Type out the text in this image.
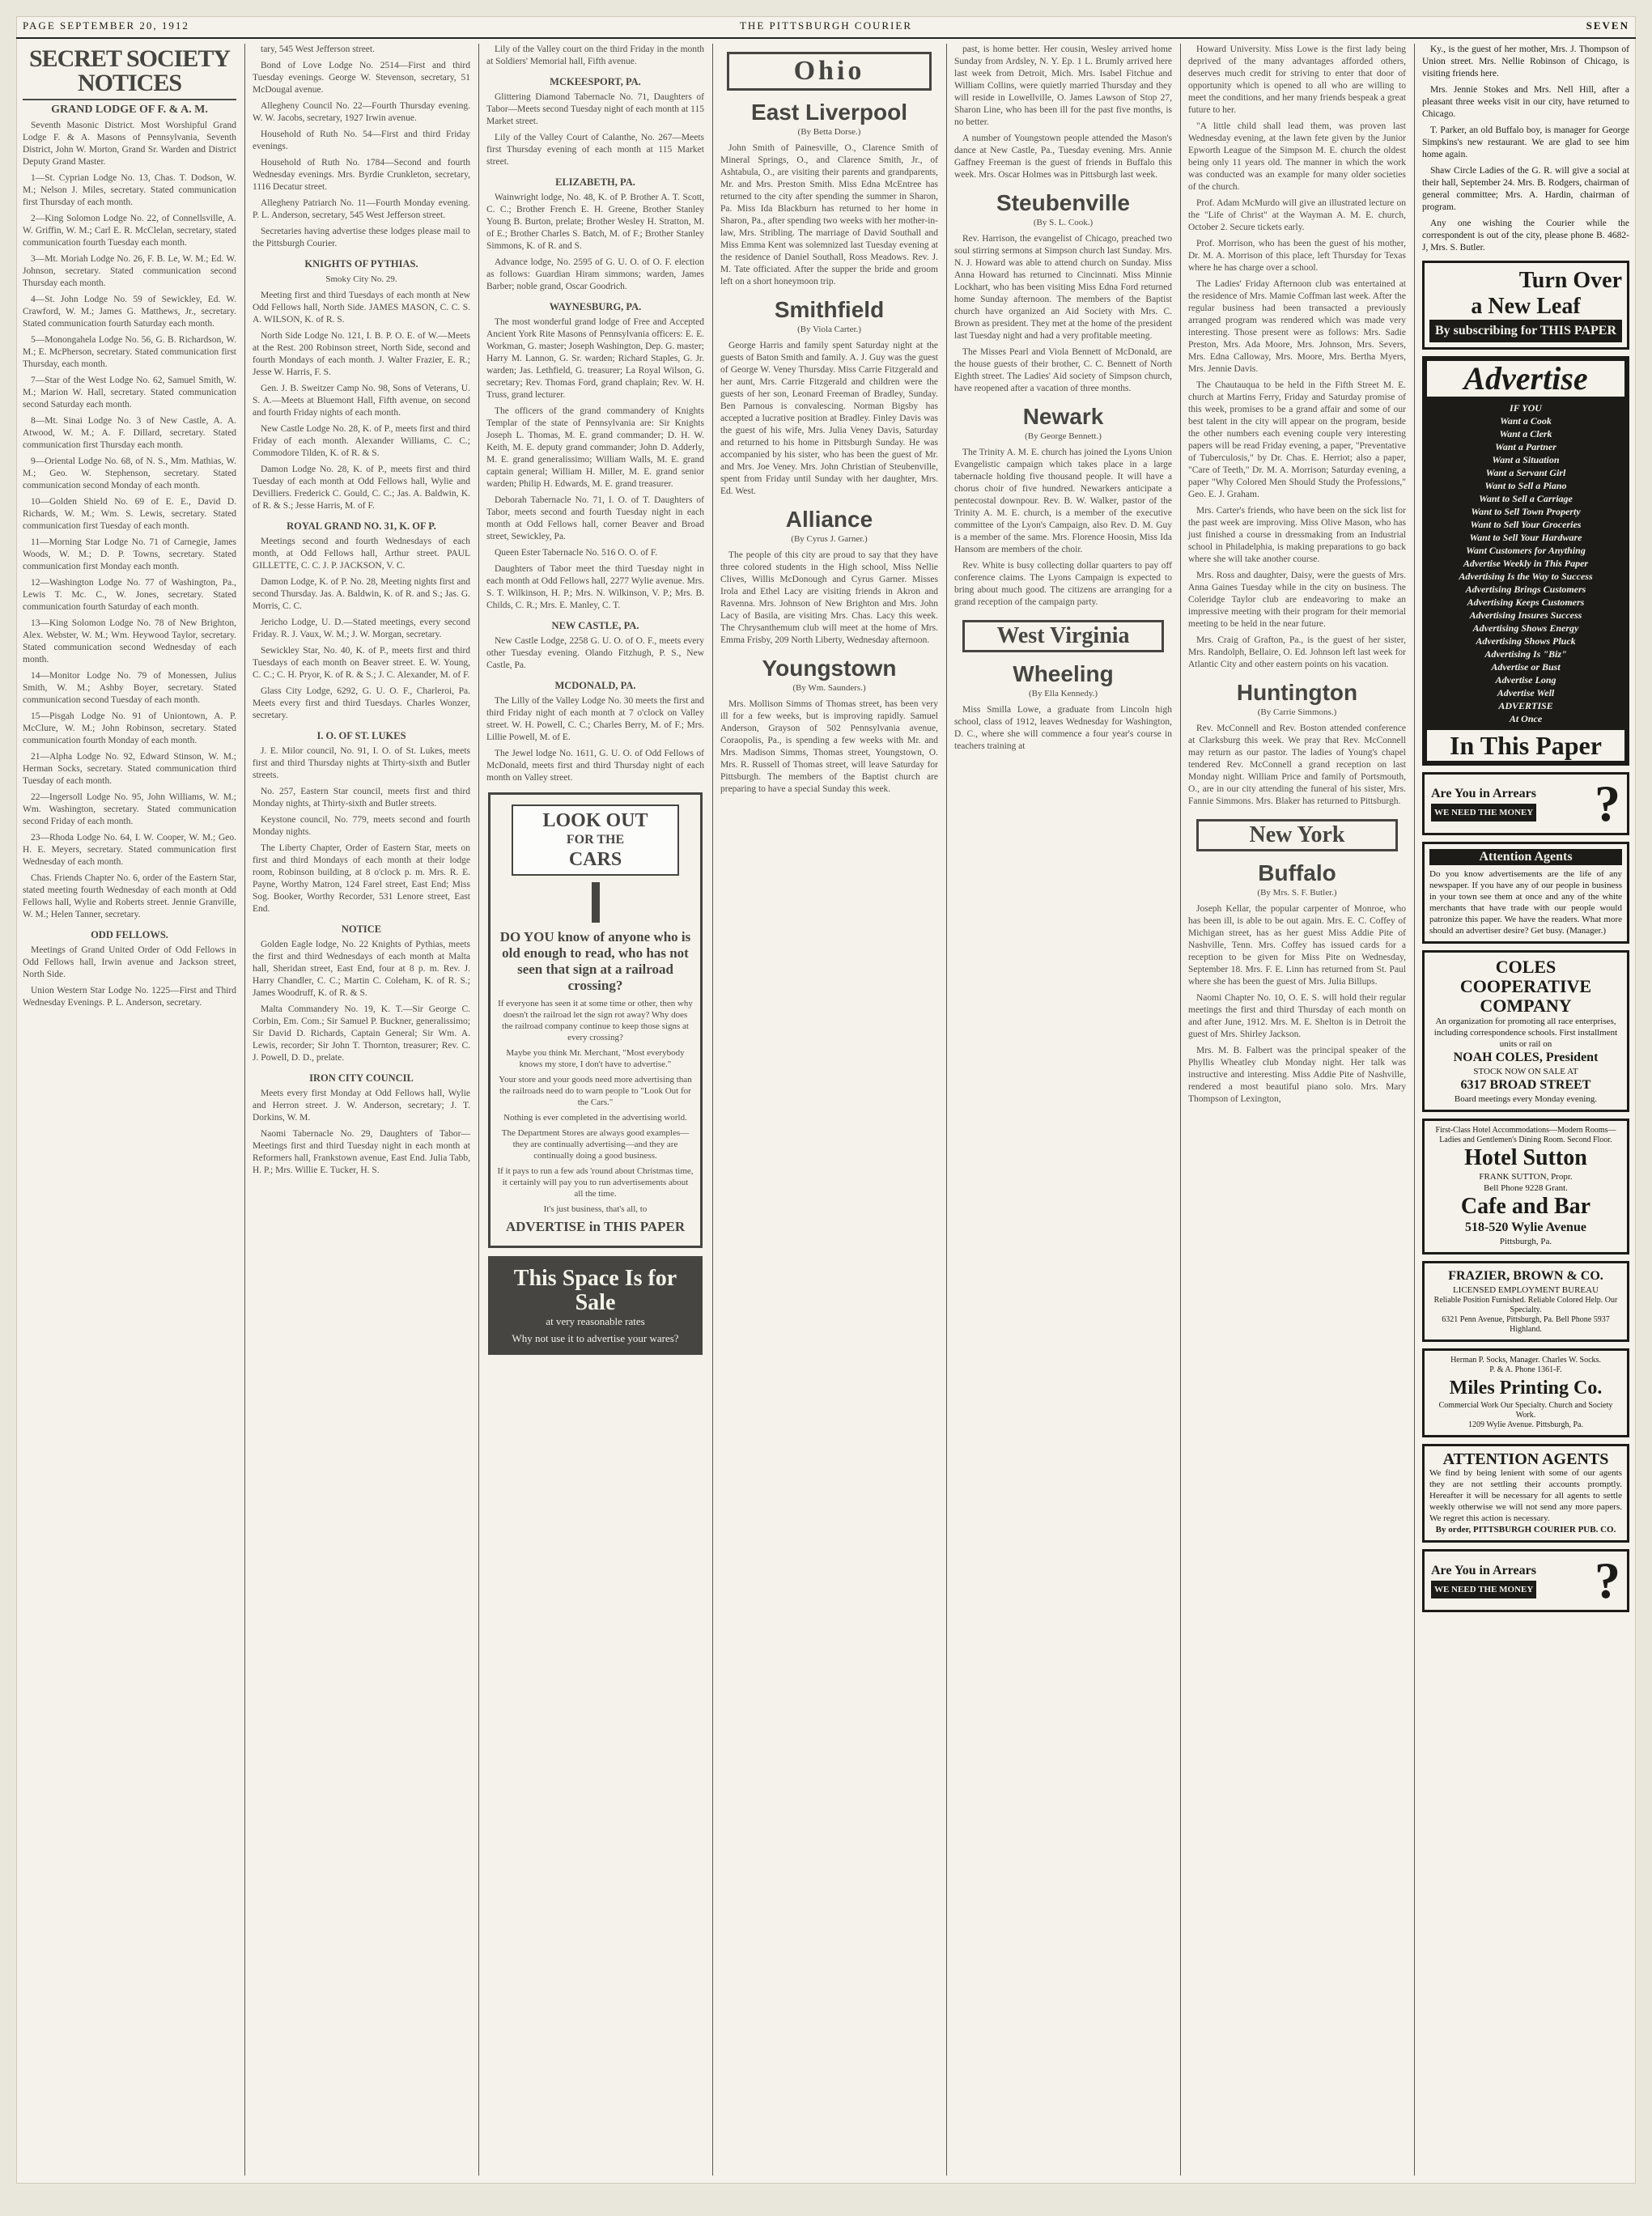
PAGE SEPTEMBER 20, 1912	THE PITTSBURGH COURIER	SEVEN
SECRET SOCIETY NOTICES
GRAND LODGE OF F. & A. M.

Seventh Masonic District. Most Worshipful Grand Lodge F. & A. Masons of Pennsylvania, Seventh District, John W. Morton, Grand Sr. Warden and District Deputy Grand Master.

1—St. Cyprian Lodge No. 13, Chas. T. Dodson, W. M.; Nelson J. Miles, secretary. Stated communication first Thursday of each month.

2—King Solomon Lodge No. 22, of Connellsville, A. W. Griffin, W. M.; Carl E. R. McClelan, secretary, stated communication fourth Tuesday each month.

3—Mt. Moriah Lodge No. 26, F. B. Le, W. M.; Ed. W. Johnson, secretary. Stated communication second Thursday each month.

4—St. John Lodge No. 59 of Sewickley, Ed. W. Crawford, W. M.; James G. Matthews, Jr., secretary. Stated communication fourth Saturday each month.

5—Monongahela Lodge No. 56, G. B. Richardson, W. M.; E. McPherson, secretary. Stated communication first Thursday, each month.

7—Star of the West Lodge No. 62, Samuel Smith, W. M.; Marion W. Hall, secretary. Stated communication second Saturday each month.

8—Mt. Sinai Lodge No. 3 of New Castle, A. A. Atwood, W. M.; A. F. Dillard, secretary. Stated communication first Thursday each month.

9—Oriental Lodge No. 68, of N. S., Mm. Mathias, W. M.; Geo. W. Stephenson, secretary. Stated communication second Monday of each month.

10—Golden Shield No. 69 of E. E., David D. Richards, W. M.; Wm. S. Lewis, secretary. Stated communication first Tuesday of each month.

11—Morning Star Lodge No. 71 of Carnegie, James Woods, W. M.; D. P. Towns, secretary. Stated communication first Monday each month.

12—Washington Lodge No. 77 of Washington, Pa., Lewis T. Mc. C., W. Jones, secretary. Stated communication fourth Saturday of each month.

13—King Solomon Lodge No. 78 of New Brighton, Alex. Webster, W. M.; Wm. Heywood Taylor, secretary. Stated communication second Wednesday of each month.

14—Monitor Lodge No. 79 of Monessen, Julius Smith, W. M.; Ashby Boyer, secretary. Stated communication second Tuesday of each month.

15—Pisgah Lodge No. 91 of Uniontown, A. P. McClure, W. M.; John Robinson, secretary. Stated communication fourth Monday of each month.

21—Alpha Lodge No. 92, Edward Stinson, W. M.; Herman Socks, secretary. Stated communication third Tuesday of each month.

22—Ingersoll Lodge No. 95, John Williams, W. M.; Wm. Washington, secretary. Stated communication second Friday of each month.

23—Rhoda Lodge No. 64, I. W. Cooper, W. M.; Geo. H. E. Meyers, secretary. Stated communication first Wednesday of each month.

Chas. Friends Chapter No. 6, order of the Eastern Star, stated meeting fourth Wednesday of each month at Odd Fellows hall, Wylie and Roberts street. Jennie Granville, W. M.; Helen Tanner, secretary.

ODD FELLOWS.

Meetings of Grand United Order of Odd Fellows in Odd Fellows hall, Irwin avenue and Jackson street, North Side.

Union Western Star Lodge No. 1225—First and Third Wednesday Evenings. P. L. Anderson, secretary.

tary, 545 West Jefferson street.

Bond of Love Lodge No. 2514—First and third Tuesday evenings. George W. Stevenson, secretary, 51 McDougal avenue.

Allegheny Council No. 22—Fourth Thursday evening. W. W. Jacobs, secretary, 1927 Irwin avenue.

Household of Ruth No. 54—First and third Friday evenings.

Household of Ruth No. 1784—Second and fourth Wednesday evenings. Mrs. Byrdie Crunkleton, secretary, 1116 Decatur street.

Allegheny Patriarch No. 11—Fourth Monday evening. P. L. Anderson, secretary, 545 West Jefferson street.

Secretaries having advertise these lodges please mail to the Pittsburgh Courier.

KNIGHTS OF PYTHIAS.
Smoky City No. 29.

Meeting first and third Tuesdays of each month at New Odd Fellows hall, North Side. JAMES MASON, C. C. S. A. WILSON, K. of R. S.

North Side Lodge No. 121, I. B. P. O. E. of W.—Meets at the Rest. 200 Robinson street, North Side, second and fourth Mondays of each month. J. Walter Frazier, E. R.; Jesse W. Harris, F. S.

Gen. J. B. Sweitzer Camp No. 98, Sons of Veterans, U. S. A.—Meets at Bluemont Hall, Fifth avenue, on second and fourth Friday nights of each month.

New Castle Lodge No. 28, K. of P., meets first and third Friday of each month. Alexander Williams, C. C.; Commodore Tilden, K. of R. & S.

Damon Lodge No. 28, K. of P., meets first and third Tuesday of each month at Odd Fellows hall, Wylie and Devilliers. Frederick C. Gould, C. C.; Jas. A. Baldwin, K. of R. & S.; Jesse Harris, M. of F.

ROYAL GRAND NO. 31, K. OF P.

Meetings second and fourth Wednesdays of each month, at Odd Fellows hall, Arthur street. PAUL GILLETTE, C. C. J. P. JACKSON, V. C.

Damon Lodge, K. of P. No. 28, Meeting nights first and second Thursday. Jas. A. Baldwin, K. of R. and S.; Jas. G. Morris, C. C.

Jericho Lodge, U. D.—Stated meetings, every second Friday. R. J. Vaux, W. M.; J. W. Morgan, secretary.

Sewickley Star, No. 40, K. of P., meets first and third Tuesdays of each month on Beaver street. E. W. Young, C. C.; C. H. Pryor, K. of R. & S.; J. C. Alexander, M. of F.

Glass City Lodge, 6292, G. U. O. F., Charleroi, Pa. Meets every first and third Tuesdays. Charles Wonzer, secretary.

I. O. OF ST. LUKES

J. E. Milor council, No. 91, I. O. of St. Lukes, meets first and third Thursday nights at Thirty-sixth and Butler streets.

No. 257, Eastern Star council, meets first and third Monday nights, at Thirty-sixth and Butler streets.

Keystone council, No. 779, meets second and fourth Monday nights.

The Liberty Chapter, Order of Eastern Star, meets on first and third Mondays of each month at their lodge room, Robinson building, at 8 o'clock p. m. Mrs. R. E. Payne, Worthy Matron, 124 Farel street, East End; Miss Sog. Booker, Worthy Recorder, 531 Lenore street, East End.

NOTICE

Golden Eagle lodge, No. 22 Knights of Pythias, meets the first and third Wednesdays of each month at Malta hall, Sheridan street, East End, four at 8 p. m. Rev. J. Harry Chandler, C. C.; Martin C. Coleham, K. of R. S.; James Woodruff, K. of R. & S.

Malta Commandery No. 19, K. T.—Sir George C. Corbin, Em. Com.; Sir Samuel P. Buckner, generalissimo; Sir David D. Richards, Captain General; Sir Wm. A. Lewis, recorder; Sir John T. Thornton, treasurer; Rev. C. J. Powell, D. D., prelate.

IRON CITY COUNCIL

Meets every first Monday at Odd Fellows hall, Wylie and Herron street. J. W. Anderson, secretary; J. T. Dorkins, W. M.

Naomi Tabernacle No. 29, Daughters of Tabor—Meetings first and third Tuesday night in each month at Reformers hall, Frankstown avenue, East End. Julia Tabb, H. P.; Mrs. Willie E. Tucker, H. S.

Lily of the Valley court on the third Friday in the month at Soldiers' Memorial hall, Fifth avenue.

MCKEESPORT, PA.

Glittering Diamond Tabernacle No. 71, Daughters of Tabor—Meets second Tuesday night of each month at 115 Market street.

Lily of the Valley Court of Calanthe, No. 267—Meets first Thursday evening of each month at 115 Market street.

ELIZABETH, PA.

Wainwright lodge, No. 48, K. of P. Brother A. T. Scott, C. C.; Brother French E. H. Greene, Brother Stanley Young B. Burton, prelate; Brother Wesley H. Stratton, M. of E.; Brother Charles S. Batch, M. of F.; Brother Stanley Simmons, K. of R. and S.

Advance lodge, No. 2595 of G. U. O. of O. F. election as follows: Guardian Hiram simmons; warden, James Barber; noble grand, Oscar Goodrich.

WAYNESBURG, PA.

The most wonderful grand lodge of Free and Accepted Ancient York Rite Masons of Pennsylvania officers: E. E. Workman, G. master; Joseph Washington, Dep. G. master; Harry M. Lannon, G. Sr. warden; Richard Staples, G. Jr. warden; Jas. Lethfield, G. treasurer; La Royal Wilson, G. secretary; Rev. Thomas Ford, grand chaplain; Rev. W. H. Truss, grand lecturer.

The officers of the grand commandery of Knights Templar of the state of Pennsylvania are: Sir Knights Joseph L. Thomas, M. E. grand commander; D. H. W. Keith, M. E. deputy grand commander; John D. Adderly, M. E. grand generalissimo; William Walls, M. E. grand captain general; William H. Miller, M. E. grand senior warden; Philip H. Edwards, M. E. grand treasurer.

Deborah Tabernacle No. 71, I. O. of T. Daughters of Tabor, meets second and fourth Tuesday night in each month at Odd Fellows hall, corner Beaver and Broad street, Sewickley, Pa.

Queen Ester Tabernacle No. 516 O. O. of F.

Daughters of Tabor meet the third Tuesday night in each month at Odd Fellows hall, 2277 Wylie avenue. Mrs. S. T. Wilkinson, H. P.; Mrs. N. Wilkinson, V. P.; Mrs. B. Childs, C. R.; Mrs. E. Manley, C. T.

NEW CASTLE, PA.

New Castle Lodge, 2258 G. U. O. of O. F., meets every other Tuesday evening. Olando Fitzhugh, P. S., New Castle, Pa.

MCDONALD, PA.

The Lilly of the Valley Lodge No. 30 meets the first and third Friday night of each month at 7 o'clock on Valley street. W. H. Powell, C. C.; Charles Berry, M. of F.; Mrs. Lillie Powell, M. of E.

The Jewel lodge No. 1611, G. U. O. of Odd Fellows of McDonald, meets first and third Thursday night of each month on Valley street.

LOOK OUT
FOR THE
CARS

DO YOU know of anyone who is old enough to read, who has not seen that sign at a railroad crossing?

If everyone has seen it at some time or other, then why doesn't the railroad let the sign rot away? Why does the railroad company continue to keep those signs at every crossing?

Maybe you think Mr. Merchant, "Most everybody knows my store, I don't have to advertise."

Your store and your goods need more advertising than the railroads need do to warn people to "Look Out for the Cars."

Nothing is ever completed in the advertising world.

The Department Stores are always good examples—they are continually advertising—and they are continually doing a good business.

If it pays to run a few ads 'round about Christmas time, it certainly will pay you to run advertisements about all the time.

It's just business, that's all, to

ADVERTISE in THIS PAPER

This Space Is for Sale
at very reasonable rates
Why not use it to advertise your wares?
Ohio
East Liverpool
(By Betta Dorse.)

John Smith of Painesville, O., Clarence Smith of Mineral Springs, O., and Clarence Smith, Jr., of Ashtabula, O., are visiting their parents and grandparents, Mr. and Mrs. Preston Smith. Miss Edna McEntree has returned to the city after spending the summer in Sharon, Pa. Miss Ida Blackburn has returned to her home in Sharon, Pa., after spending two weeks with her mother-in-law, Mrs. Stribling. The marriage of David Southall and Miss Emma Kent was solemnized last Tuesday evening at the residence of Daniel Southall, Ross Meadows. Rev. J. M. Tate officiated. After the supper the bride and groom left on a short honeymoon trip.

Smithfield
(By Viola Carter.)

George Harris and family spent Saturday night at the guests of Baton Smith and family. A. J. Guy was the guest of George W. Veney Thursday. Miss Carrie Fitzgerald and her aunt, Mrs. Carrie Fitzgerald and children were the guests of her son, Leonard Freeman of Bradley, Sunday. Ben Parnous is convalescing. Norman Bigsby has accepted a lucrative position at Bradley. Finley Davis was the guest of his wife, Mrs. Julia Veney Davis, Saturday and returned to his home in Pittsburgh Sunday. He was accompanied by his sister, who has been the guest of Mr. and Mrs. Joe Veney. Mrs. John Christian of Steubenville, spent from Friday until Sunday with her daughter, Mrs. Ed. West.

Alliance
(By Cyrus J. Garner.)

The people of this city are proud to say that they have three colored students in the High school, Miss Nellie Clives, Willis McDonough and Cyrus Garner. Misses Irola and Ethel Lacy are visiting friends in Akron and Ravenna. Mrs. Johnson of New Brighton and Mrs. John Lacy of Basila, are visiting Mrs. Chas. Lacy this week. The Chrysanthemum club will meet at the home of Mrs. Emma Frisby, 209 North Liberty, Wednesday afternoon.

Youngstown
(By Wm. Saunders.)

Mrs. Mollison Simms of Thomas street, has been very ill for a few weeks, but is improving rapidly. Samuel Anderson, Grayson of 502 Pennsylvania avenue, Coraopolis, Pa., is spending a few weeks with Mr. and Mrs. Madison Simms, Thomas street, Youngstown, O. Mrs. R. Russell of Thomas street, will leave Saturday for Pittsburgh. The members of the Baptist church are preparing to have a special Sunday this week.

past, is home better. Her cousin, Wesley arrived home Sunday from Ardsley, N. Y. Ep. 1 L. Brumly arrived here last week from Detroit, Mich. Mrs. Isabel Fitchue and William Collins, were quietly married Thursday and they will reside in Lowellville, O. James Lawson of Stop 27, Sharon Line, who has been ill for the past five months, is no better.

A number of Youngstown people attended the Mason's dance at New Castle, Pa., Tuesday evening. Mrs. Annie Gaffney Freeman is the guest of friends in Buffalo this week. Mrs. Oscar Holmes was in Pittsburgh last week.

Steubenville
(By S. L. Cook.)

Rev. Harrison, the evangelist of Chicago, preached two soul stirring sermons at Simpson church last Sunday. Mrs. N. J. Howard was able to attend church on Sunday. Miss Anna Howard has returned to Cincinnati. Miss Minnie Lockhart, who has been visiting Miss Edna Ford returned home Sunday afternoon. The members of the Baptist church have organized an Aid Society with Mrs. C. Brown as president. They met at the home of the president last Tuesday night and had a very profitable meeting.

The Misses Pearl and Viola Bennett of McDonald, are the house guests of their brother, C. C. Bennett of North Eighth street. The Ladies' Aid society of Simpson church, have reopened after a vacation of three months.

Newark
(By George Bennett.)

The Trinity A. M. E. church has joined the Lyons Union Evangelistic campaign which takes place in a large tabernacle holding five thousand people. It will have a chorus choir of five hundred. Newarkers anticipate a pentecostal downpour. Rev. B. W. Walker, pastor of the Trinity A. M. E. church, is a member of the executive committee of the Lyon's Campaign, also Rev. D. M. Guy is a member of the same. Mrs. Florence Hoosin, Miss Ida Hansom are members of the choir.

Rev. White is busy collecting dollar quarters to pay off conference claims. The Lyons Campaign is expected to bring about much good. The citizens are arranging for a grand reception of the campaign party.

West Virginia
Wheeling
(By Ella Kennedy.)

Miss Smilla Lowe, a graduate from Lincoln high school, class of 1912, leaves Wednesday for Washington, D. C., where she will commence a four year's course in teachers training at

Howard University. Miss Lowe is the first lady being deprived of the many advantages afforded others, deserves much credit for striving to enter that door of opportunity which is opened to all who are willing to meet the conditions, and her many friends bespeak a great future to her.

"A little child shall lead them, was proven last Wednesday evening, at the lawn fete given by the Junior Epworth League of the Simpson M. E. church the oldest being only 11 years old. The manner in which the work was conducted was an example for many older societies of the church.

Prof. Adam McMurdo will give an illustrated lecture on the "Life of Christ" at the Wayman A. M. E. church, October 2. Secure tickets early.

Prof. Morrison, who has been the guest of his mother, Dr. M. A. Morrison of this place, left Thursday for Texas where he has charge over a school.

The Ladies' Friday Afternoon club was entertained at the residence of Mrs. Mamie Coffman last week. After the regular business had been transacted a previously arranged program was rendered which was made very interesting. Those present were as follows: Mrs. Sadie Preston, Mrs. Ada Moore, Mrs. Johnson, Mrs. Severs, Mrs. Edna Calloway, Mrs. Moore, Mrs. Bertha Myers, Mrs. Jennie Davis.

The Chautauqua to be held in the Fifth Street M. E. church at Martins Ferry, Friday and Saturday promise of this week, promises to be a grand affair and some of our best talent in the city will appear on the program, beside the other numbers each evening couple very interesting papers will be read Friday evening, a paper, "Preventative of Tuberculosis," by Dr. Chas. E. Herriot; also a paper, "Care of Teeth," Dr. M. A. Morrison; Saturday evening, a paper "Why Colored Men Should Study the Professions," Geo. E. J. Graham.

Mrs. Carter's friends, who have been on the sick list for the past week are improving. Miss Olive Mason, who has just finished a course in dressmaking from an Industrial school in Philadelphia, is making preparations to go back where she will take another course.

Mrs. Ross and daughter, Daisy, were the guests of Mrs. Anna Gaines Tuesday while in the city on business. The Coleridge Taylor club are endeavoring to make an impressive meeting with their program for their memorial meeting to be held in the near future.

Mrs. Craig of Grafton, Pa., is the guest of her sister, Mrs. Randolph, Bellaire, O. Ed. Johnson left last week for Atlantic City and other eastern points on his vacation.

Huntington
(By Carrie Simmons.)

Rev. McConnell and Rev. Boston attended conference at Clarksburg this week. We pray that Rev. McConnell may return as our pastor. The ladies of Young's chapel tendered Rev. McConnell a grand reception on last Monday night. William Price and family of Portsmouth, O., are in our city attending the funeral of his sister, Mrs. Fannie Simmons. Mrs. Blaker has returned to Pittsburgh.

New York
Buffalo
(By Mrs. S. F. Butler.)

Joseph Kellar, the popular carpenter of Monroe, who has been ill, is able to be out again. Mrs. E. C. Coffey of Michigan street, has as her guest Miss Addie Pite of Nashville, Tenn. Mrs. Coffey has issued cards for a reception to be given for Miss Pite on Wednesday, September 18. Mrs. F. E. Linn has returned from St. Paul where she has been the guest of Mrs. Julia Billups.

Naomi Chapter No. 10, O. E. S. will hold their regular meetings the first and third Thursday of each month on and after June, 1912. Mrs. M. E. Shelton is in Detroit the guest of Mrs. Shirley Jackson.

Mrs. M. B. Falbert was the principal speaker of the Phyllis Wheatley club Monday night. Her talk was instructive and interesting. Miss Addie Pite of Nashville, rendered a most beautiful piano solo. Mrs. Mary Thompson of Lexington,

Ky., is the guest of her mother, Mrs. J. Thompson of Union street. Mrs. Nellie Robinson of Chicago, is visiting friends here.

Mrs. Jennie Stokes and Mrs. Nell Hill, after a pleasant three weeks visit in our city, have returned to Chicago.

T. Parker, an old Buffalo boy, is manager for George Simpkins's new restaurant. We are glad to see him home again.

Shaw Circle Ladies of the G. R. will give a social at their hall, September 24. Mrs. B. Rodgers, chairman of general committee; Mrs. A. Hardin, chairman of program.

Any one wishing the Courier while the correspondent is out of the city, please phone B. 4682-J, Mrs. S. Butler.

Turn Over
a New Leaf
By subscribing for THIS PAPER
Advertise
IF YOU
Want a Cook
Want a Clerk
Want a Partner
Want a Situation
Want a Servant Girl
Want to Sell a Piano
Want to Sell a Carriage
Want to Sell Town Property
Want to Sell Your Groceries
Want to Sell Your Hardware
Want Customers for Anything
Advertise Weekly in This Paper
Advertising Is the Way to Success
Advertising Brings Customers
Advertising Keeps Customers
Advertising Insures Success
Advertising Shows Energy
Advertising Shows Pluck
Advertising Is "Biz"
Advertise or Bust
Advertise Long
Advertise Well
ADVERTISE
At Once
In This Paper
Are You in Arrears
WE NEED THE MONEY ?
Attention Agents
Do you know advertisements are the life of any newspaper. If you have any of our people in business in your town see them at once and any of the white merchants that have trade with our people would patronize this paper. We have the readers. What more should an advertiser desire? Get busy. (Manager.)
COLES COOPERATIVE COMPANY
An organization for promoting all race enterprises, including correspondence schools. First installment units or rail on
NOAH COLES, President
STOCK NOW ON SALE AT
6317 BROAD STREET
Board meetings every Monday evening.
First-Class Hotel Accommodations—Modern Rooms—Ladies and Gentlemen's Dining Room. Second Floor.
Hotel Sutton
FRANK SUTTON, Propr.
Bell Phone 9228 Grant.
Cafe and Bar
518-520 Wylie Avenue
Pittsburgh, Pa.
FRAZIER, BROWN & CO.
LICENSED EMPLOYMENT BUREAU
Reliable Position Furnished. Reliable Colored Help. Our Specialty.
6321 Penn Avenue, Pittsburgh, Pa. Bell Phone 5937 Highland.
Herman P. Socks, Manager. Charles W. Socks.
P. & A. Phone 1361-F.
Miles Printing Co.
Commercial Work Our Specialty. Church and Society Work.
1209 Wylie Avenue. Pittsburgh, Pa.
ATTENTION AGENTS
We find by being lenient with some of our agents they are not settling their accounts promptly. Hereafter it will be necessary for all agents to settle weekly otherwise we will not send any more papers. We regret this action is necessary.
By order, PITTSBURGH COURIER PUB. CO.
Are You in Arrears
WE NEED THE MONEY ?
